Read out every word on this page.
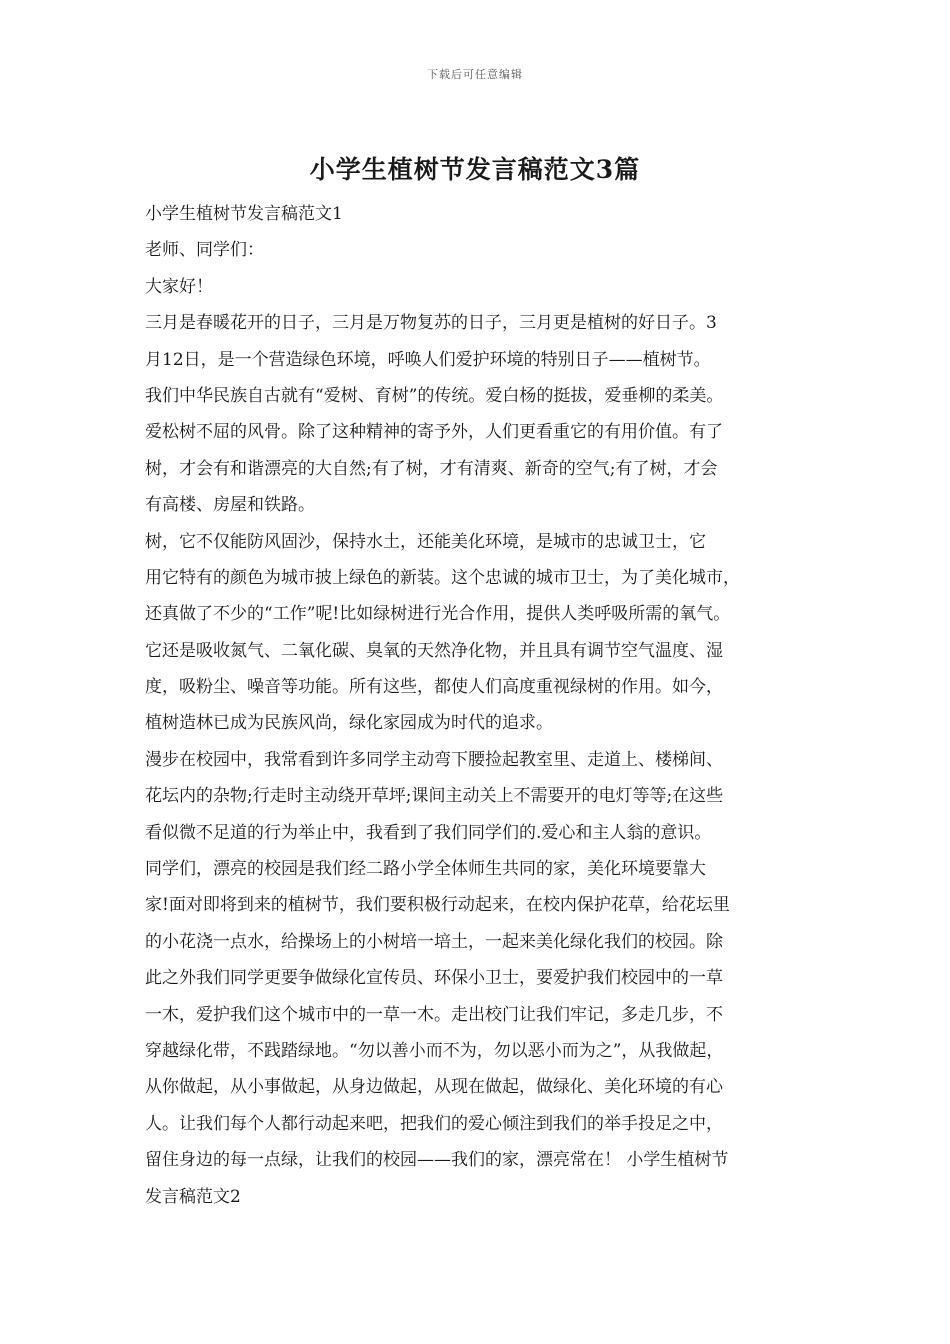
下载后可任意编辑
小学生植树节发言稿范文3篇
小学生植树节发言稿范文1
老师、同学们：
大家好！
三月是春暖花开的日子，三月是万物复苏的日子，三月更是植树的好日子。3
月12日，是一个营造绿色环境，呼唤人们爱护环境的特别日子——植树节。
我们中华民族自古就有“爱树、育树”的传统。爱白杨的挺拔，爱垂柳的柔美。
爱松树不屈的风骨。除了这种精神的寄予外，人们更看重它的有用价值。有了
树，才会有和谐漂亮的大自然;有了树，才有清爽、新奇的空气;有了树，才会
有高楼、房屋和铁路。
树，它不仅能防风固沙，保持水土，还能美化环境，是城市的忠诚卫士，它
用它特有的颜色为城市披上绿色的新装。这个忠诚的城市卫士，为了美化城市，
还真做了不少的“工作”呢!比如绿树进行光合作用，提供人类呼吸所需的氧气。
它还是吸收氮气、二氧化碳、臭氧的天然净化物，并且具有调节空气温度、湿
度，吸粉尘、噪音等功能。所有这些，都使人们高度重视绿树的作用。如今，
植树造林已成为民族风尚，绿化家园成为时代的追求。
漫步在校园中，我常看到许多同学主动弯下腰捡起教室里、走道上、楼梯间、
花坛内的杂物;行走时主动绕开草坪;课间主动关上不需要开的电灯等等;在这些
看似微不足道的行为举止中，我看到了我们同学们的.爱心和主人翁的意识。
同学们，漂亮的校园是我们经二路小学全体师生共同的家，美化环境要靠大
家!面对即将到来的植树节，我们要积极行动起来，在校内保护花草，给花坛里
的小花浇一点水，给操场上的小树培一培土，一起来美化绿化我们的校园。除
此之外我们同学更要争做绿化宣传员、环保小卫士，要爱护我们校园中的一草
一木，爱护我们这个城市中的一草一木。走出校门让我们牢记，多走几步，不
穿越绿化带，不践踏绿地。“勿以善小而不为，勿以恶小而为之”，从我做起，
从你做起，从小事做起，从身边做起，从现在做起，做绿化、美化环境的有心
人。让我们每个人都行动起来吧，把我们的爱心倾注到我们的举手投足之中，
留住身边的每一点绿，让我们的校园——我们的家，漂亮常在！ 小学生植树节
发言稿范文2
